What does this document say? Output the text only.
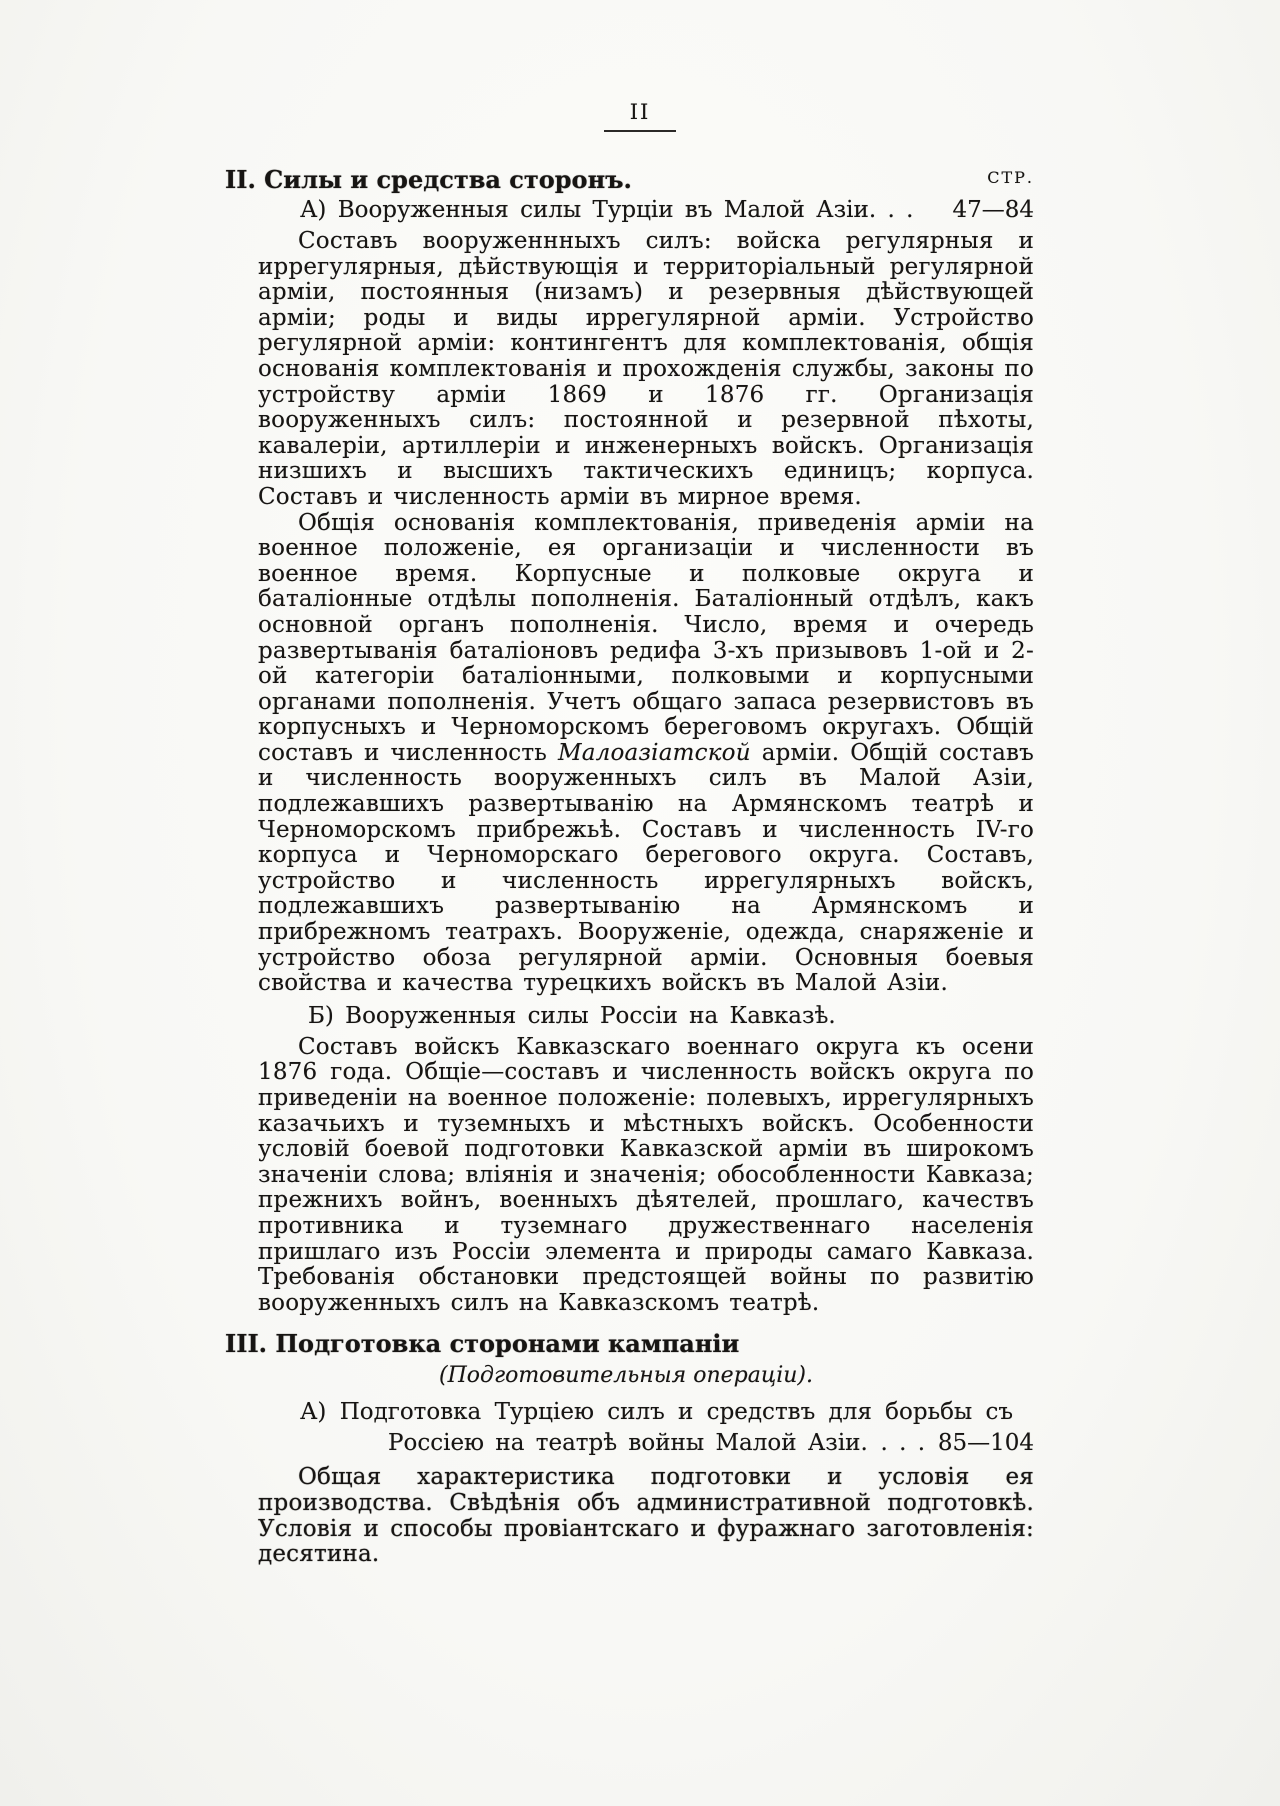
II
II. Силы и средства сторонъ.	СТР.
А) Вооруженныя силы Турціи въ Малой Азіи. . . 47—84

Составъ вооруженнныхъ силъ: войска регулярныя и иррегулярныя, дѣйствующія и территоріальный регулярной арміи, постоянныя (низамъ) и резервныя дѣйствующей арміи; роды и виды иррегулярной арміи. Устройство регулярной арміи: контингентъ для комплектованія, общія основанія комплектованія и прохожденія службы, законы по устройству арміи 1869 и 1876 гг. Организація вооруженныхъ силъ: постоянной и резервной пѣхоты, кавалеріи, артиллеріи и инженерныхъ войскъ. Организація низшихъ и высшихъ тактическихъ единицъ; корпуса. Составъ и численность арміи въ мирное время.

Общія основанія комплектованія, приведенія арміи на военное положеніе, ея организаціи и численности въ военное время. Корпусные и полковые округа и баталіонные отдѣлы пополненія. Баталіонный отдѣлъ, какъ основной органъ пополненія. Число, время и очередь развертыванія баталіоновъ редифа 3-хъ призывовъ 1-ой и 2-ой категоріи баталіонными, полковыми и корпусными органами пополненія. Учетъ общаго запаса резервистовъ въ корпусныхъ и Черноморскомъ береговомъ округахъ. Общій составъ и численность Малоазіатской арміи. Общій составъ и численность вооруженныхъ силъ въ Малой Азіи, подлежавшихъ развертыванію на Армянскомъ театрѣ и Черноморскомъ прибрежьѣ. Составъ и численность IV-го корпуса и Черноморскаго берегового округа. Составъ, устройство и численность иррегулярныхъ войскъ, подлежавшихъ развертыванію на Армянскомъ и прибрежномъ театрахъ. Вооруженіе, одежда, снаряженіе и устройство обоза регулярной арміи. Основныя боевыя свойства и качества турецкихъ войскъ въ Малой Азіи.

Б) Вооруженныя силы Россіи на Кавказѣ.

Составъ войскъ Кавказскаго военнаго округа къ осени 1876 года. Общіе—составъ и численность войскъ округа по приведеніи на военное положеніе: полевыхъ, иррегулярныхъ казачьихъ и туземныхъ и мѣстныхъ войскъ. Особенности условій боевой подготовки Кавказской арміи въ широкомъ значеніи слова; вліянія и значенія; обособленности Кавказа; прежнихъ войнъ, военныхъ дѣятелей, прошлаго, качествъ противника и туземнаго дружественнаго населенія пришлаго изъ Россіи элемента и природы самаго Кавказа. Требованія обстановки предстоящей войны по развитію вооруженныхъ силъ на Кавказскомъ театрѣ.

III. Подготовка сторонами кампаніи
(Подготовительныя операціи).
А) Подготовка Турціею силъ и средствъ для борьбы съ
Россіею на театрѣ войны Малой Азіи. . . . 85—104

Общая характеристика подготовки и условія ея производства. Свѣдѣнія объ административной подготовкѣ. Условія и способы провіантскаго и фуражнаго заготовленія: десятина.
